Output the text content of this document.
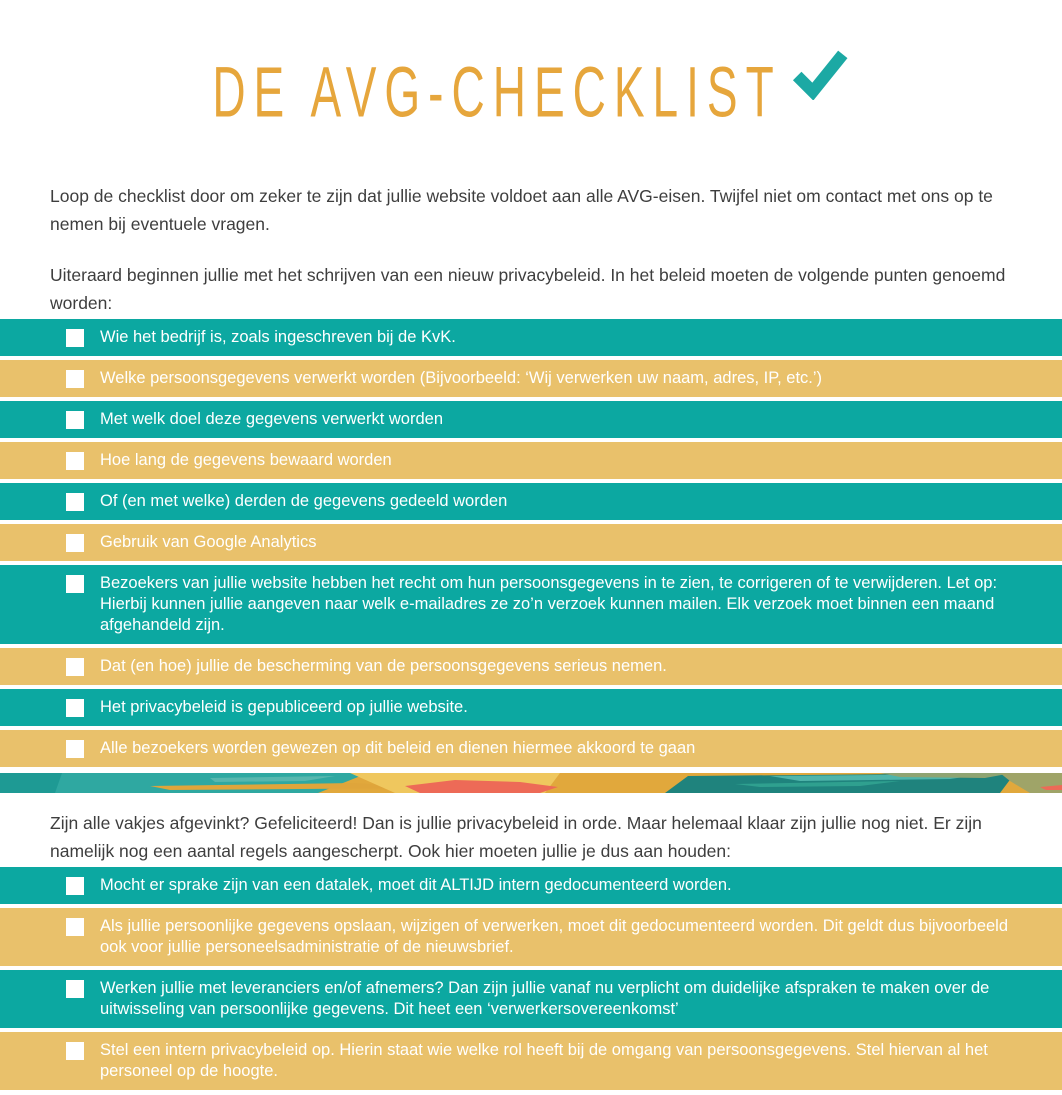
DE AVG-CHECKLIST

Loop de checklist door om zeker te zijn dat jullie website voldoet aan alle AVG-eisen. Twijfel niet om contact met ons op te nemen bij eventuele vragen.

Uiteraard beginnen jullie met het schrijven van een nieuw privacybeleid. In het beleid moeten de volgende punten genoemd worden:

Wie het bedrijf is, zoals ingeschreven bij de KvK.
Welke persoonsgegevens verwerkt worden (Bijvoorbeeld: ‘Wij verwerken uw naam, adres, IP, etc.’)
Met welk doel deze gegevens verwerkt worden
Hoe lang de gegevens bewaard worden
Of (en met welke) derden de gegevens gedeeld worden
Gebruik van Google Analytics
Bezoekers van jullie website hebben het recht om hun persoonsgegevens in te zien, te corrigeren of te verwijderen. Let op: Hierbij kunnen jullie aangeven naar welk e-mailadres ze zo’n verzoek kunnen mailen. Elk verzoek moet binnen een maand afgehandeld zijn.
Dat (en hoe) jullie de bescherming van de persoonsgegevens serieus nemen.
Het privacybeleid is gepubliceerd op jullie website.
Alle bezoekers worden gewezen op dit beleid en dienen hiermee akkoord te gaan

Zijn alle vakjes afgevinkt? Gefeliciteerd! Dan is jullie privacybeleid in orde. Maar helemaal klaar zijn jullie nog niet. Er zijn namelijk nog een aantal regels aangescherpt. Ook hier moeten jullie je dus aan houden:

Mocht er sprake zijn van een datalek, moet dit ALTIJD intern gedocumenteerd worden.
Als jullie persoonlijke gegevens opslaan, wijzigen of verwerken, moet dit gedocumenteerd worden. Dit geldt dus bijvoorbeeld ook voor jullie personeelsadministratie of de nieuwsbrief.
Werken jullie met leveranciers en/of afnemers? Dan zijn jullie vanaf nu verplicht om duidelijke afspraken te maken over de uitwisseling van persoonlijke gegevens. Dit heet een ‘verwerkersovereenkomst’
Stel een intern privacybeleid op. Hierin staat wie welke rol heeft bij de omgang van persoonsgegevens. Stel hiervan al het personeel op de hoogte.
